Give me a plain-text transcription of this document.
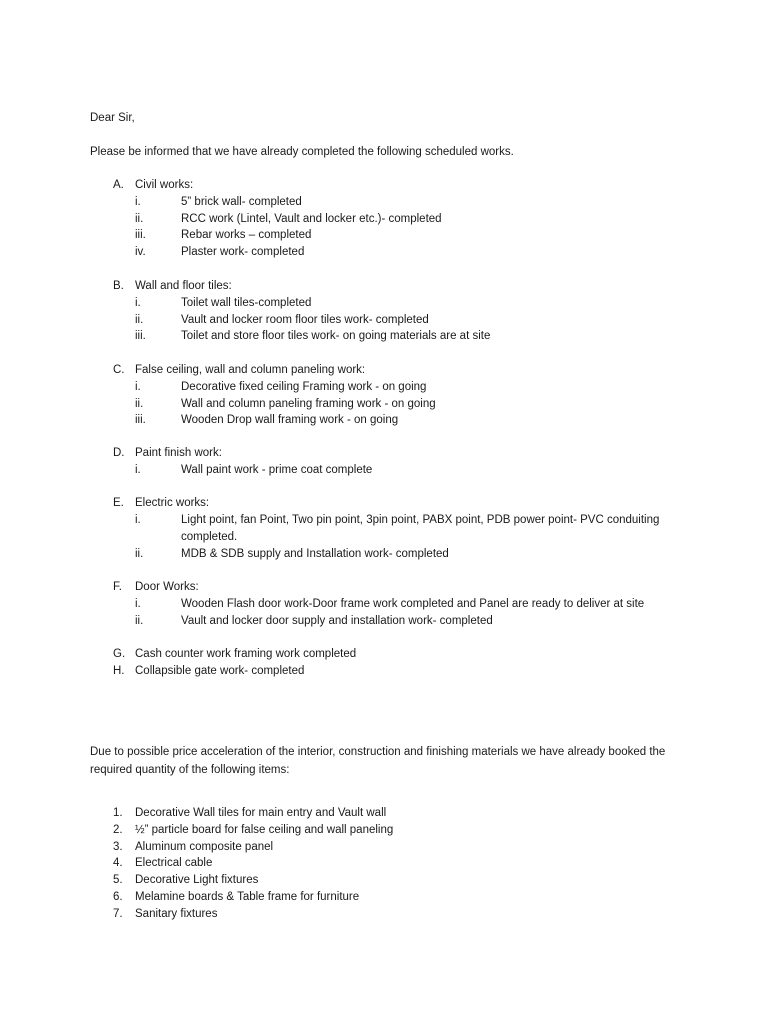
Dear Sir,

Please be informed that we have already completed the following scheduled works.

A. Civil works:
i.	5” brick wall- completed
ii.	RCC work (Lintel, Vault and locker etc.)- completed
iii.	Rebar works – completed
iv.	Plaster work- completed
B. Wall and floor tiles:
i.	Toilet wall tiles-completed
ii.	Vault and locker room floor tiles work- completed
iii.	Toilet and store floor tiles work- on going materials are at site
C. False ceiling, wall and column paneling work:
i.	Decorative fixed ceiling Framing work - on going
ii.	Wall and column paneling framing work - on going
iii.	Wooden Drop wall framing work - on going
D. Paint finish work:
i.	Wall paint work - prime coat complete
E. Electric works:
i.	Light point, fan Point, Two pin point, 3pin point, PABX point, PDB power point- PVC conduiting completed.
ii.	MDB & SDB supply and Installation work- completed
F. Door Works:
i.	Wooden Flash door work-Door frame work completed and Panel are ready to deliver at site
ii.	Vault and locker door supply and installation work- completed
G. Cash counter work framing work completed
H. Collapsible gate work- completed

Due to possible price acceleration of the interior, construction and finishing materials we have already booked the required quantity of the following items:

1. Decorative Wall tiles for main entry and Vault wall
2. ½” particle board for false ceiling and wall paneling
3. Aluminum composite panel
4. Electrical cable
5. Decorative Light fixtures
6. Melamine boards & Table frame for furniture
7. Sanitary fixtures
